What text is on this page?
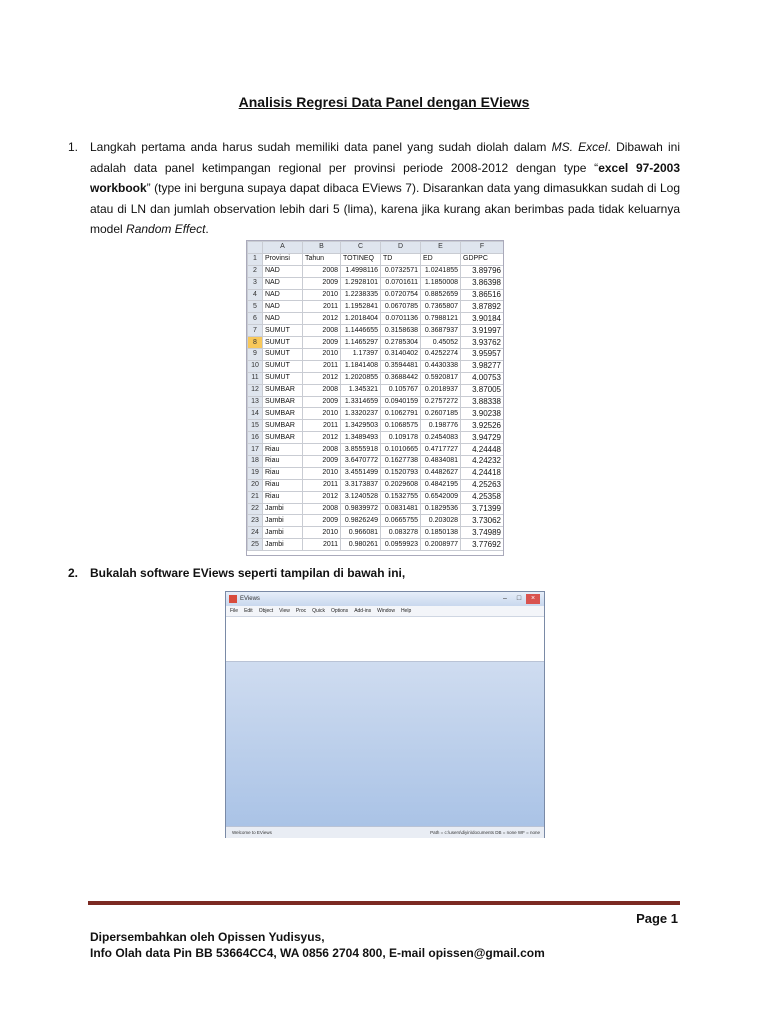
Analisis Regresi Data Panel dengan EViews
1. Langkah pertama anda harus sudah memiliki data panel yang sudah diolah dalam MS. Excel. Dibawah ini adalah data panel ketimpangan regional per provinsi periode 2008-2012 dengan type “excel 97-2003 workbook” (type ini berguna supaya dapat dibaca EViews 7). Disarankan data yang dimasukkan sudah di Log atau di LN dan jumlah observation lebih dari 5 (lima), karena jika kurang akan berimbas pada tidak keluarnya model Random Effect.
	A	B	C	D	E	F
1	Provinsi	Tahun	TOTINEQ	TD	ED	GDPPC
2	NAD	2008	1.4998116	0.0732571	1.0241855	3.89796
3	NAD	2009	1.2928101	0.0701611	1.1850008	3.86398
4	NAD	2010	1.2238335	0.0720754	0.8852659	3.86516
5	NAD	2011	1.1952841	0.0670785	0.7365807	3.87892
6	NAD	2012	1.2018404	0.0701136	0.7988121	3.90184
7	SUMUT	2008	1.1446655	0.3158638	0.3687937	3.91997
8	SUMUT	2009	1.1465297	0.2785304	0.45052	3.93762
9	SUMUT	2010	1.17397	0.3140402	0.4252274	3.95957
10	SUMUT	2011	1.1841408	0.3594481	0.4430338	3.98277
11	SUMUT	2012	1.2020855	0.3688442	0.5920817	4.00753
12	SUMBAR	2008	1.345321	0.105767	0.2018937	3.87005
13	SUMBAR	2009	1.3314659	0.0940159	0.2757272	3.88338
14	SUMBAR	2010	1.3320237	0.1062791	0.2607185	3.90238
15	SUMBAR	2011	1.3429503	0.1068575	0.198776	3.92526
16	SUMBAR	2012	1.3489493	0.109178	0.2454083	3.94729
17	Riau	2008	3.8555918	0.1010665	0.4717727	4.24448
18	Riau	2009	3.6470772	0.1627738	0.4834081	4.24232
19	Riau	2010	3.4551499	0.1520793	0.4482627	4.24418
20	Riau	2011	3.3173837	0.2029608	0.4842195	4.25263
21	Riau	2012	3.1240528	0.1532755	0.6542009	4.25358
22	Jambi	2008	0.9839972	0.0831481	0.1829536	3.71399
23	Jambi	2009	0.9826249	0.0665755	0.203028	3.73062
24	Jambi	2010	0.966081	0.083278	0.1850138	3.74989
25	Jambi	2011	0.980261	0.0959923	0.2008977	3.77692
2. Bukalah software EViews seperti tampilan di bawah ini,
EViews	– □ ×
File Edit Object View Proc Quick Options Add-ins Window Help
Welcome to EViews	Path = c:\users\diyin\documents DB = none WF = none
Page 1
Dipersembahkan oleh Opissen Yudisyus,
Info Olah data Pin BB 53664CC4, WA 0856 2704 800, E-mail opissen@gmail.com
